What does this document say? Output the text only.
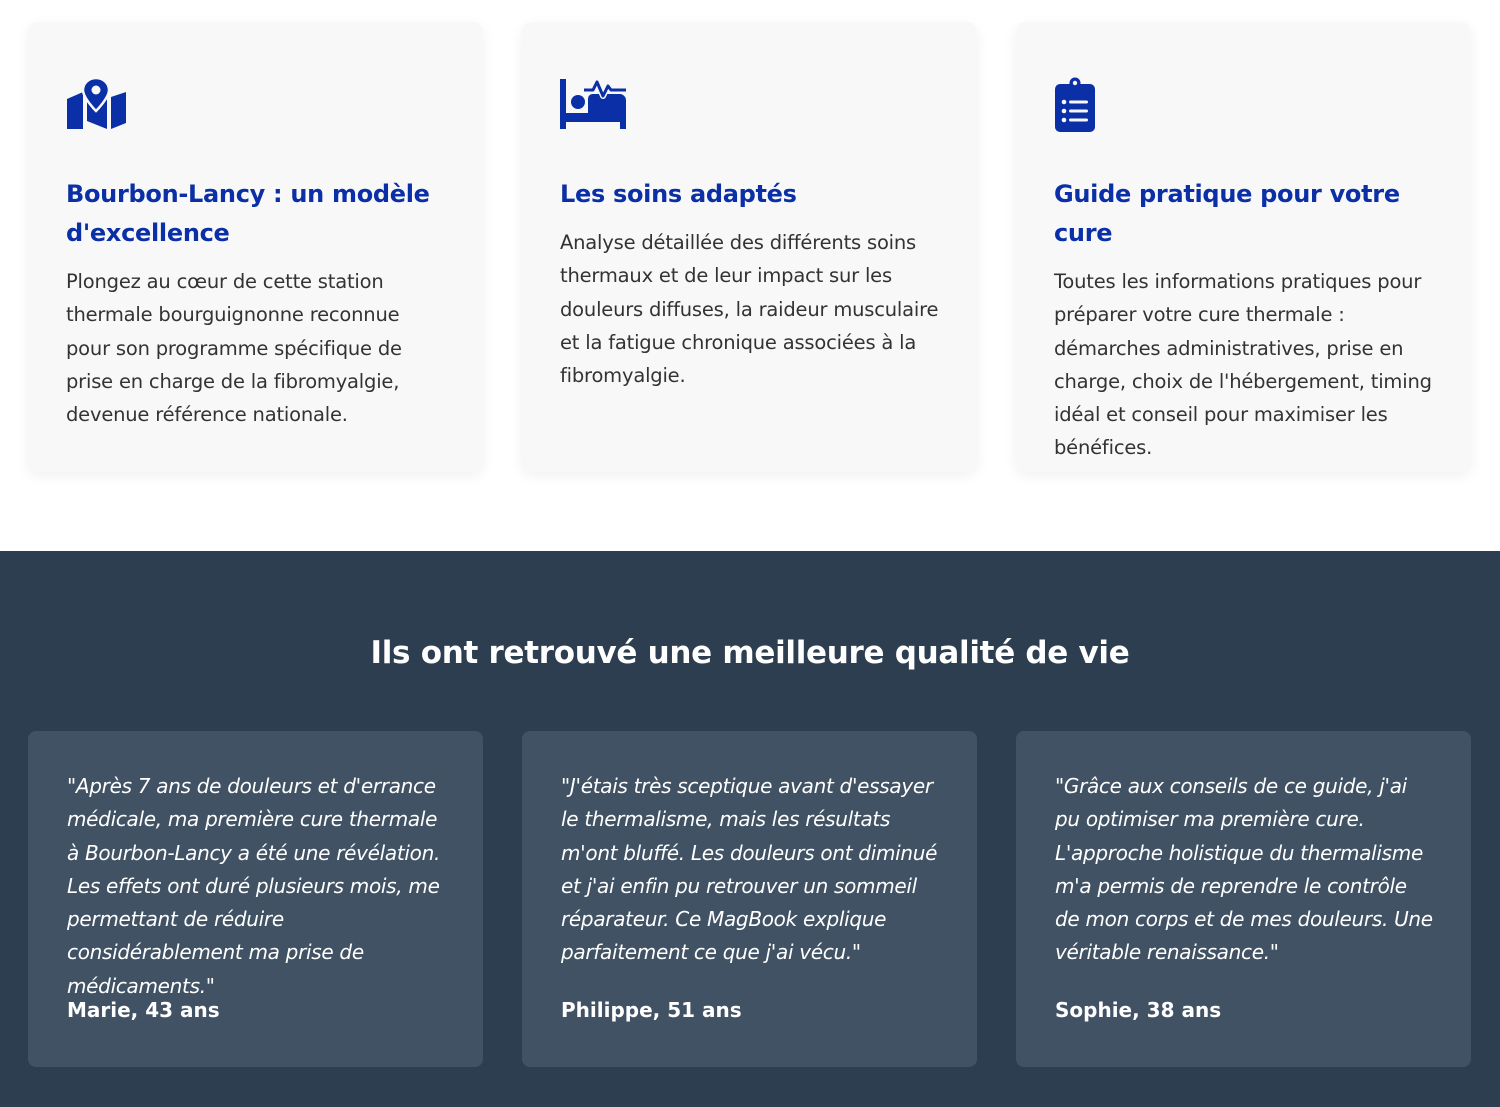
Bourbon-Lancy : un modèle d'excellence

Plongez au cœur de cette station thermale bourguignonne reconnue pour son programme spécifique de prise en charge de la fibromyalgie, devenue référence nationale.

Les soins adaptés

Analyse détaillée des différents soins thermaux et de leur impact sur les douleurs diffuses, la raideur musculaire et la fatigue chronique associées à la fibromyalgie.

Guide pratique pour votre cure

Toutes les informations pratiques pour préparer votre cure thermale : démarches administratives, prise en charge, choix de l'hébergement, timing idéal et conseil pour maximiser les bénéfices.

Ils ont retrouvé une meilleure qualité de vie

"Après 7 ans de douleurs et d'errance médicale, ma première cure thermale à Bourbon-Lancy a été une révélation. Les effets ont duré plusieurs mois, me permettant de réduire considérablement ma prise de médicaments."

Marie, 43 ans

"J'étais très sceptique avant d'essayer le thermalisme, mais les résultats m'ont bluffé. Les douleurs ont diminué et j'ai enfin pu retrouver un sommeil réparateur. Ce MagBook explique parfaitement ce que j'ai vécu."

Philippe, 51 ans

"Grâce aux conseils de ce guide, j'ai pu optimiser ma première cure. L'approche holistique du thermalisme m'a permis de reprendre le contrôle de mon corps et de mes douleurs. Une véritable renaissance."

Sophie, 38 ans
